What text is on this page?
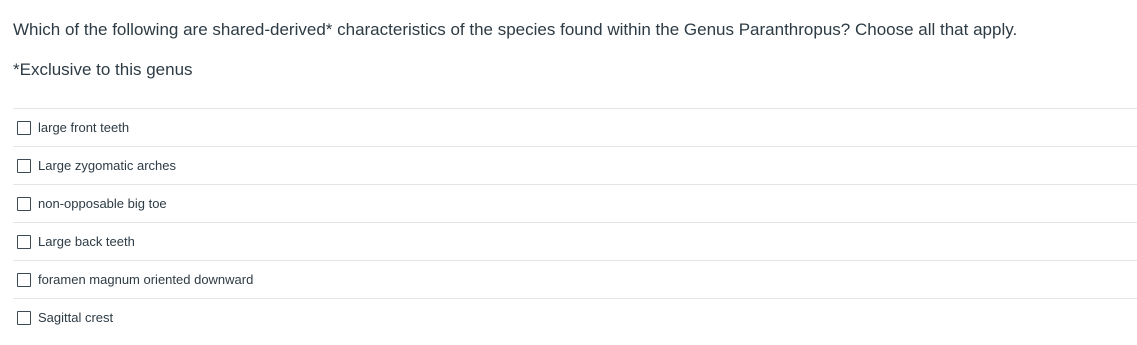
Which of the following are shared-derived* characteristics of the species found within the Genus Paranthropus? Choose all that apply.
*Exclusive to this genus
large front teeth
Large zygomatic arches
non-opposable big toe
Large back teeth
foramen magnum oriented downward
Sagittal crest
